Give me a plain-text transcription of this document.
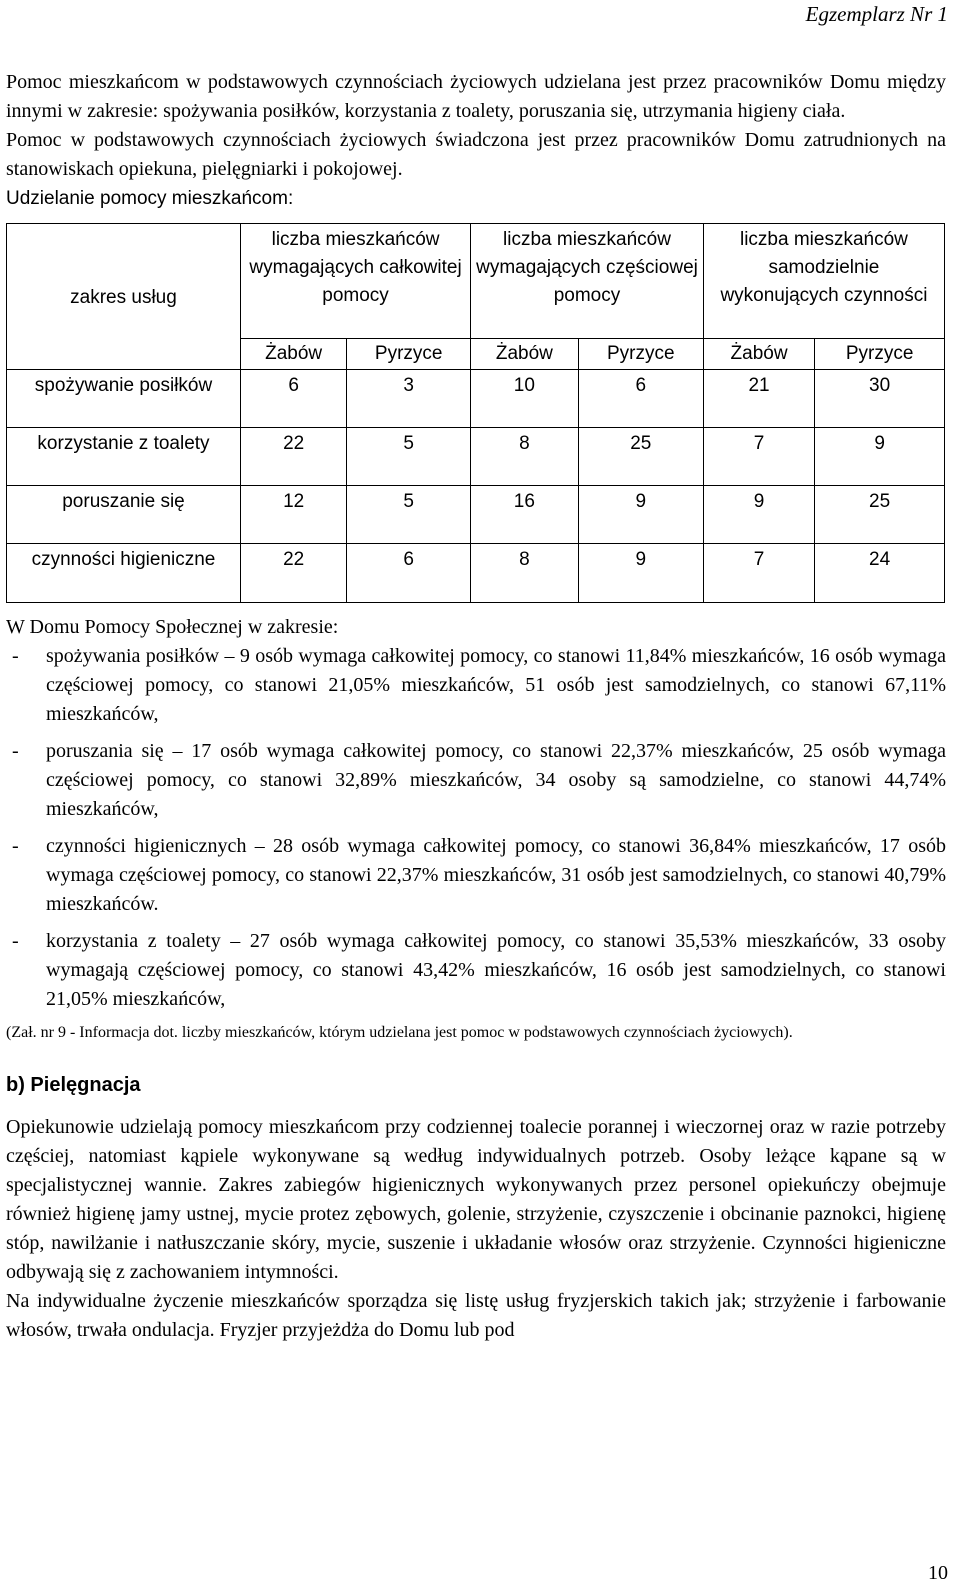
Egzemplarz Nr 1

Pomoc mieszkańcom w podstawowych czynnościach życiowych udzielana jest przez pracowników Domu między innymi w zakresie: spożywania posiłków, korzystania z toalety, poruszania się, utrzymania higieny ciała.

Pomoc w podstawowych czynnościach życiowych świadczona jest przez pracowników Domu zatrudnionych na stanowiskach opiekuna, pielęgniarki i pokojowej.

Udzielanie pomocy mieszkańcom:

zakres usług	liczba mieszkańców wymagających całkowitej pomocy		liczba mieszkańców wymagających częściowej pomocy		liczba mieszkańców samodzielnie wykonujących czynności	
	Żabów	Pyrzyce	Żabów	Pyrzyce	Żabów	Pyrzyce
spożywanie posiłków	6	3	10	6	21	30
korzystanie z toalety	22	5	8	25	7	9
poruszanie się	12	5	16	9	9	25
czynności higieniczne	22	6	8	9	7	24

W Domu Pomocy Społecznej w zakresie:

- spożywania posiłków – 9 osób wymaga całkowitej pomocy, co stanowi 11,84% mieszkańców, 16 osób wymaga częściowej pomocy, co stanowi 21,05% mieszkańców, 51 osób jest samodzielnych, co stanowi 67,11% mieszkańców,
- poruszania się – 17 osób wymaga całkowitej pomocy, co stanowi 22,37% mieszkańców, 25 osób wymaga częściowej pomocy, co stanowi 32,89% mieszkańców, 34 osoby są samodzielne, co stanowi 44,74% mieszkańców,
- czynności higienicznych – 28 osób wymaga całkowitej pomocy, co stanowi 36,84% mieszkańców, 17 osób wymaga częściowej pomocy, co stanowi 22,37% mieszkańców, 31 osób jest samodzielnych, co stanowi 40,79% mieszkańców.
- korzystania z toalety – 27 osób wymaga całkowitej pomocy, co stanowi 35,53% mieszkańców, 33 osoby wymagają częściowej pomocy, co stanowi 43,42% mieszkańców, 16 osób jest samodzielnych, co stanowi 21,05% mieszkańców,
(Zał. nr 9 - Informacja dot. liczby mieszkańców, którym udzielana jest pomoc w podstawowych czynnościach życiowych).
b) Pielęgnacja

Opiekunowie udzielają pomocy mieszkańcom przy codziennej toalecie porannej i wieczornej oraz w razie potrzeby częściej, natomiast kąpiele wykonywane są według indywidualnych potrzeb. Osoby leżące kąpane są w specjalistycznej wannie. Zakres zabiegów higienicznych wykonywanych przez personel opiekuńczy obejmuje również higienę jamy ustnej, mycie protez zębowych, golenie, strzyżenie, czyszczenie i obcinanie paznokci, higienę stóp, nawilżanie i natłuszczanie skóry, mycie, suszenie i układanie włosów oraz strzyżenie. Czynności higieniczne odbywają się z zachowaniem intymności.

Na indywidualne życzenie mieszkańców sporządza się listę usług fryzjerskich takich jak; strzyżenie i farbowanie włosów, trwała ondulacja. Fryzjer przyjeżdża do Domu lub pod

10
